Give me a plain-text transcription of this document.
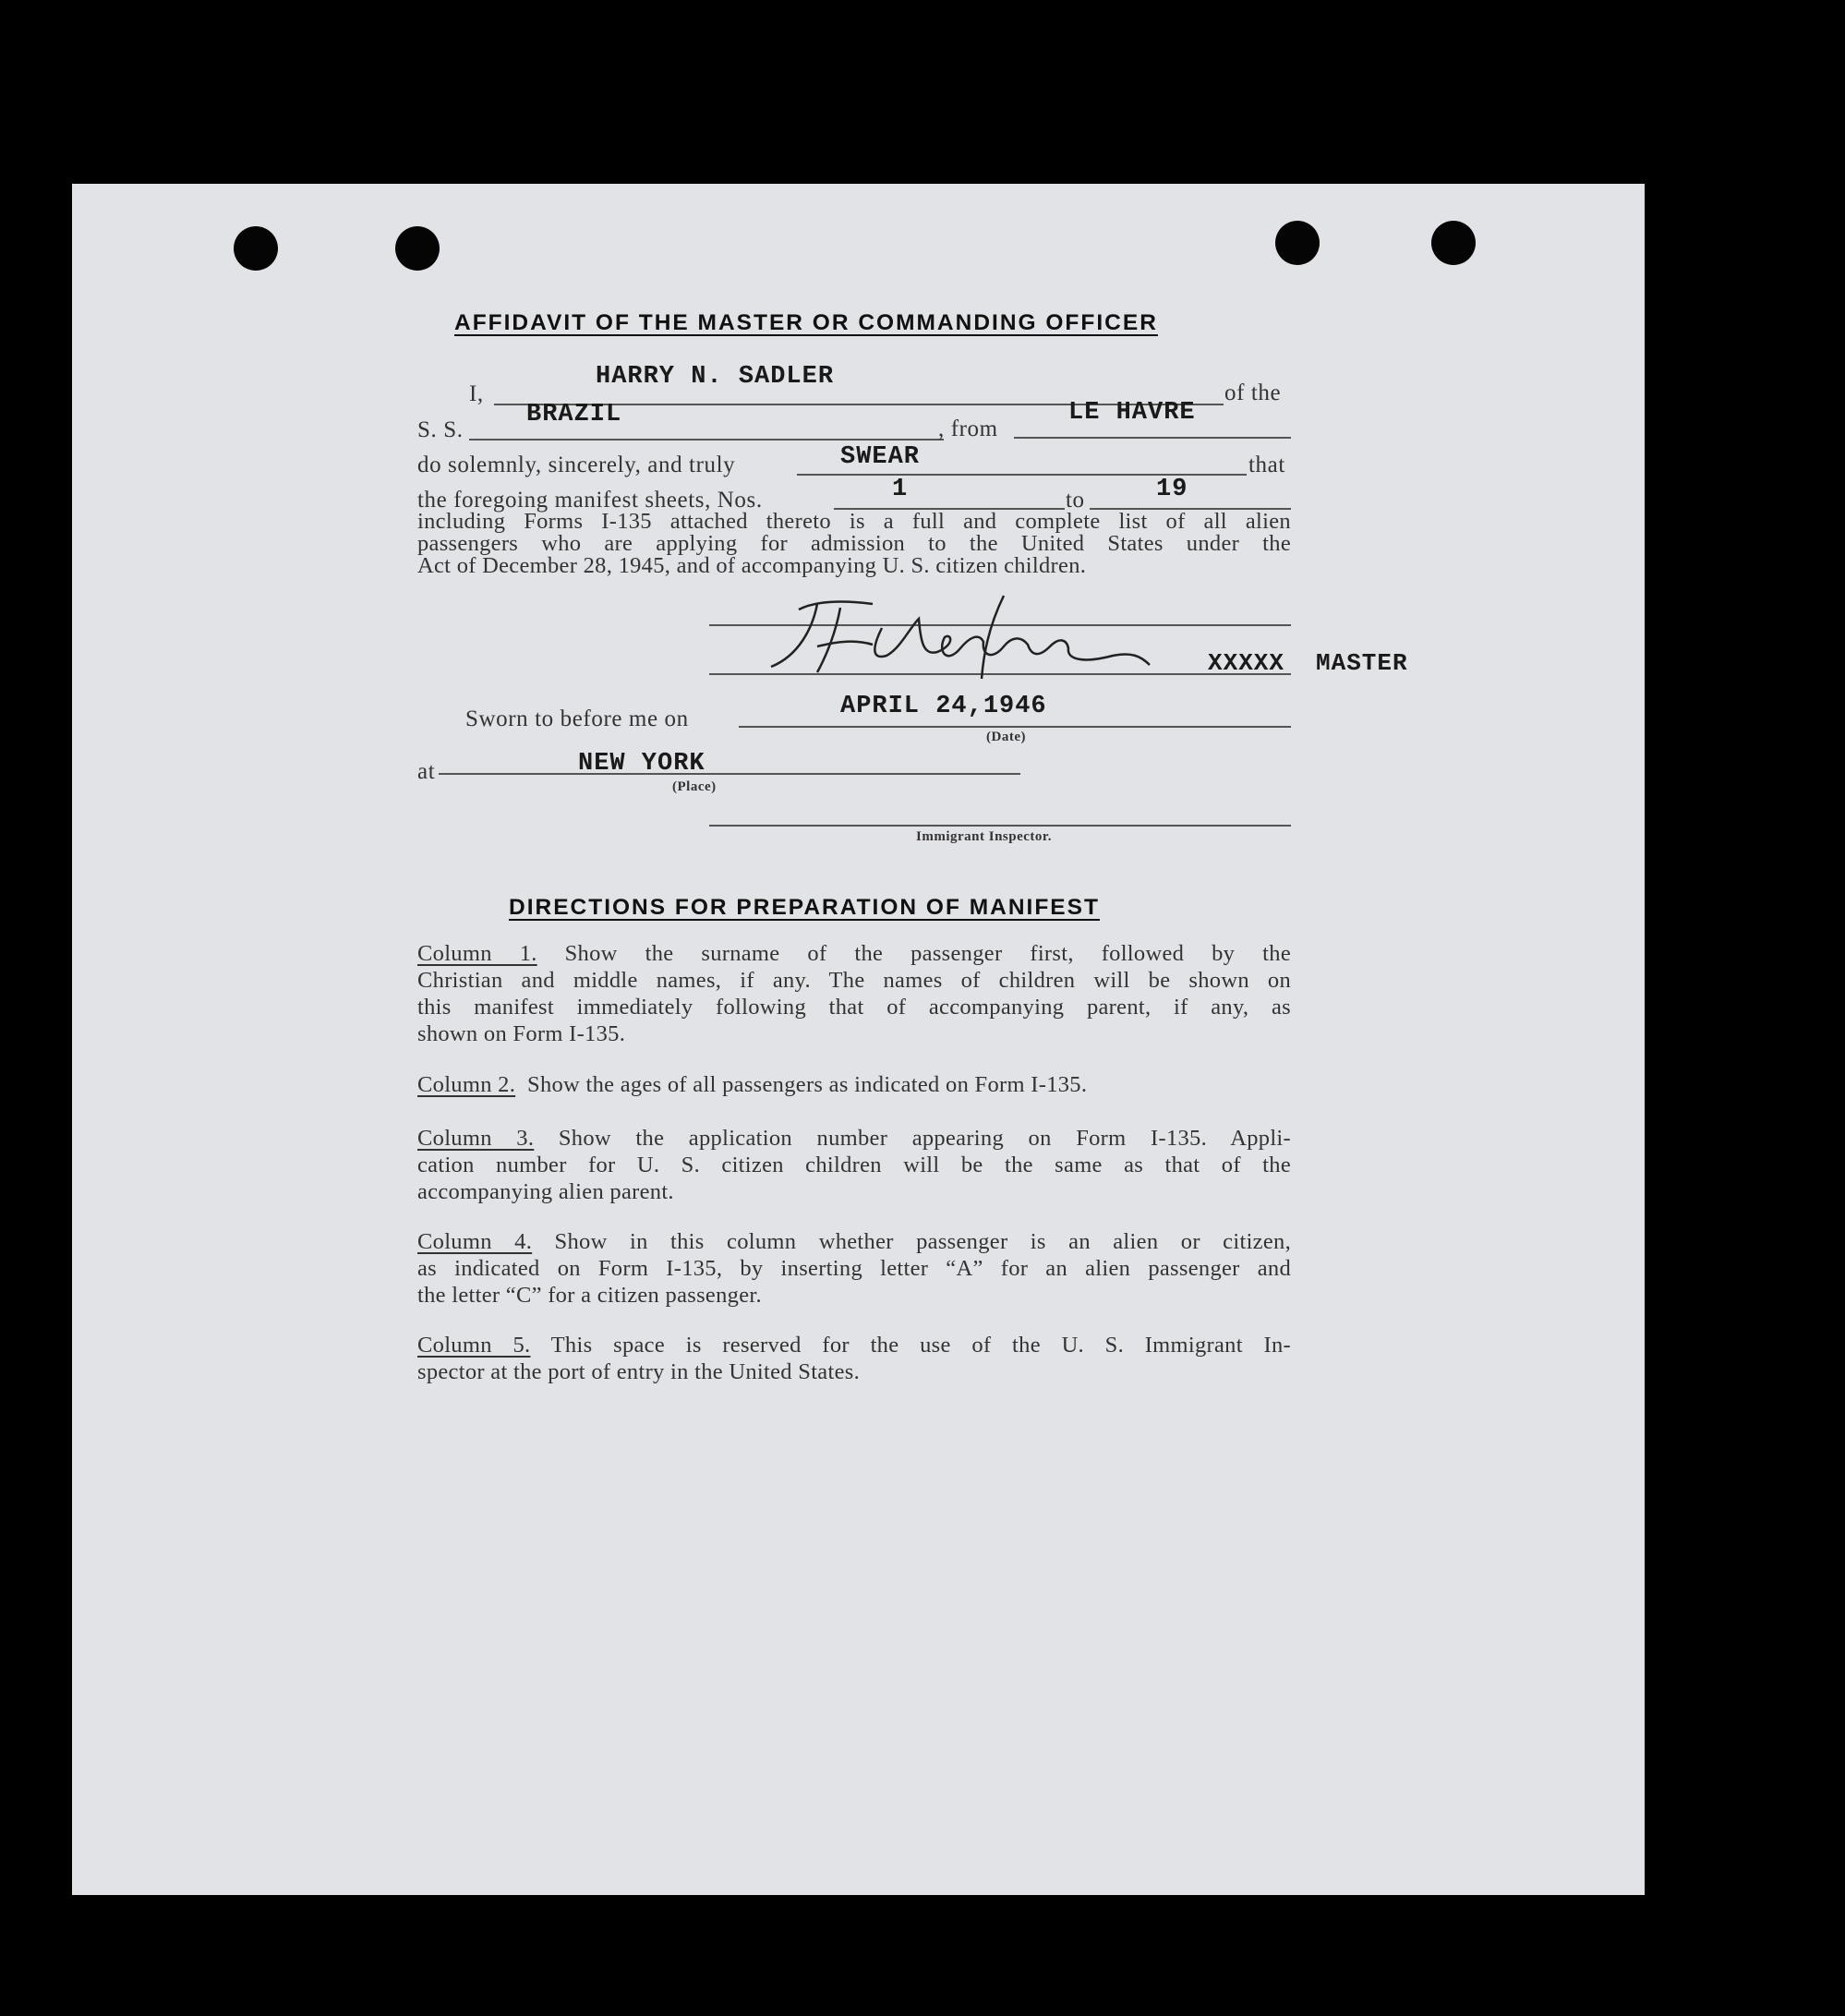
AFFIDAVIT OF THE MASTER OR COMMANDING OFFICER
I,
HARRY N. SADLER
of the
S. S.
BRAZIL
, from
LE HAVRE
do solemnly, sincerely, and truly	SWEAR	that
the foregoing manifest sheets, Nos.	1	to	19
including Forms I-135 attached thereto is a full and complete list of all alien
passengers who are applying for admission to the United States under the
Act of December 28, 1945, and of accompanying U. S. citizen children.
XXXXX MASTER
Sworn to before me on	APRIL 24,1946
(Date)
at	NEW YORK
(Place)
Immigrant Inspector.
DIRECTIONS FOR PREPARATION OF MANIFEST
Column 1. Show the surname of the passenger first, followed by the
Christian and middle names, if any. The names of children will be shown on
this manifest immediately following that of accompanying parent, if any, as
shown on Form I-135.
Column 2. Show the ages of all passengers as indicated on Form I-135.
Column 3. Show the application number appearing on Form I-135. Appli-
cation number for U. S. citizen children will be the same as that of the
accompanying alien parent.
Column 4. Show in this column whether passenger is an alien or citizen,
as indicated on Form I-135, by inserting letter “A” for an alien passenger and
the letter “C” for a citizen passenger.
Column 5. This space is reserved for the use of the U. S. Immigrant In-
spector at the port of entry in the United States.
